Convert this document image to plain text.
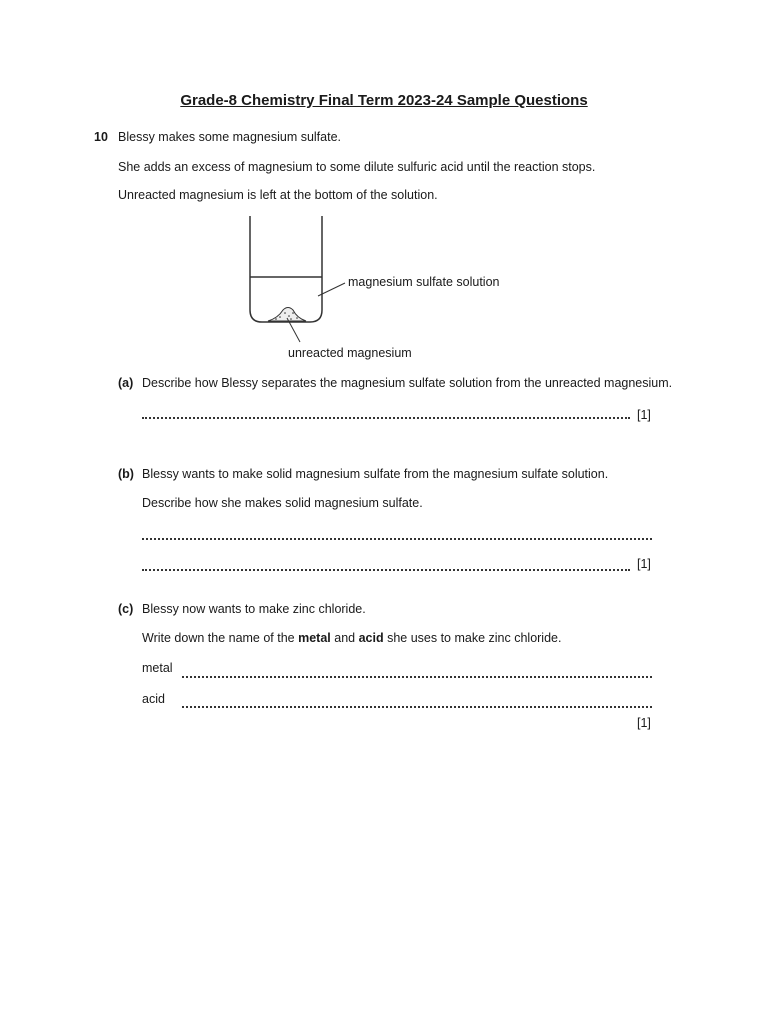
Grade-8 Chemistry Final Term 2023-24 Sample Questions
10 Blessy makes some magnesium sulfate.
She adds an excess of magnesium to some dilute sulfuric acid until the reaction stops.
Unreacted magnesium is left at the bottom of the solution.
magnesium sulfate solution
unreacted magnesium
(a) Describe how Blessy separates the magnesium sulfate solution from the unreacted magnesium.
[1]
(b) Blessy wants to make solid magnesium sulfate from the magnesium sulfate solution.
Describe how she makes solid magnesium sulfate.
[1]
(c) Blessy now wants to make zinc chloride.
Write down the name of the metal and acid she uses to make zinc chloride.
metal
acid
[1]
